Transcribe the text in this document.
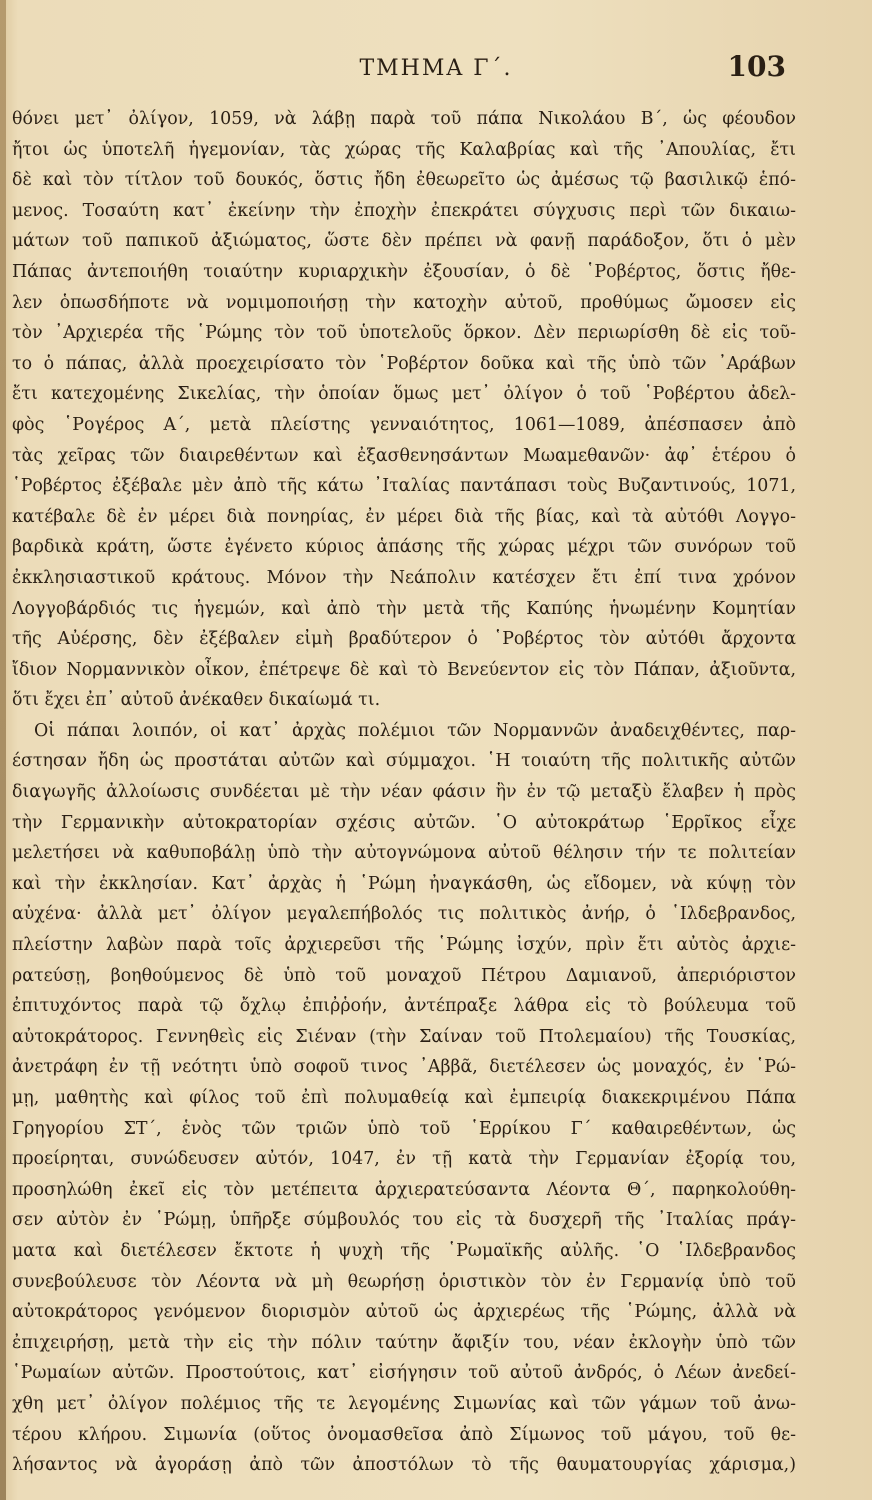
ΤΜΗΜΑ Γ΄.	103
θόνει μετ᾽ ὀλίγον, 1059, νὰ λάβῃ παρὰ τοῦ πάπα Νικολάου Β΄, ὡς φέουδον
ἤτοι ὡς ὑποτελῆ ἡγεμονίαν, τὰς χώρας τῆς Καλαβρίας καὶ τῆς ᾽Απουλίας, ἔτι
δὲ καὶ τὸν τίτλον τοῦ δουκός, ὅστις ἤδη ἐθεωρεῖτο ὡς ἀμέσως τῷ βασιλικῷ ἑπό-
μενος. Τοσαύτη κατ᾽ ἐκείνην τὴν ἐποχὴν ἐπεκράτει σύγχυσις περὶ τῶν δικαιω-
μάτων τοῦ παπικοῦ ἀξιώματος, ὥστε δὲν πρέπει νὰ φανῇ παράδοξον, ὅτι ὁ μὲν
Πάπας ἀντεποιήθη τοιαύτην κυριαρχικὴν ἐξουσίαν, ὁ δὲ ῾Ροβέρτος, ὅστις ἤθε-
λεν ὁπωσδήποτε νὰ νομιμοποιήσῃ τὴν κατοχὴν αὐτοῦ, προθύμως ὤμοσεν εἰς
τὸν ᾽Αρχιερέα τῆς ῾Ρώμης τὸν τοῦ ὑποτελοῦς ὅρκον. Δὲν περιωρίσθη δὲ εἰς τοῦ-
το ὁ πάπας, ἀλλὰ προεχειρίσατο τὸν ῾Ροβέρτον δοῦκα καὶ τῆς ὑπὸ τῶν ᾽Αράβων
ἔτι κατεχομένης Σικελίας, τὴν ὁποίαν ὅμως μετ᾽ ὀλίγον ὁ τοῦ ῾Ροβέρτου ἀδελ-
φὸς ῾Ρογέρος Α΄, μετὰ πλείστης γενναιότητος, 1061—1089, ἀπέσπασεν ἀπὸ
τὰς χεῖρας τῶν διαιρεθέντων καὶ ἐξασθενησάντων Μωαμεθανῶν· ἀφ᾽ ἑτέρου ὁ
῾Ροβέρτος ἐξέβαλε μὲν ἀπὸ τῆς κάτω ᾽Ιταλίας παντάπασι τοὺς Βυζαντινούς, 1071,
κατέβαλε δὲ ἐν μέρει διὰ πονηρίας, ἐν μέρει διὰ τῆς βίας, καὶ τὰ αὐτόθι Λογγο-
βαρδικὰ κράτη, ὥστε ἐγένετο κύριος ἁπάσης τῆς χώρας μέχρι τῶν συνόρων τοῦ
ἐκκλησιαστικοῦ κράτους. Μόνον τὴν Νεάπολιν κατέσχεν ἔτι ἐπί τινα χρόνον
Λογγοβάρδιός τις ἡγεμών, καὶ ἀπὸ τὴν μετὰ τῆς Καπύης ἡνωμένην Κομητίαν
τῆς Αὐέρσης, δὲν ἐξέβαλεν εἰμὴ βραδύτερον ὁ ῾Ροβέρτος τὸν αὐτόθι ἄρχοντα
ἴδιον Νορμαννικὸν οἶκον, ἐπέτρεψε δὲ καὶ τὸ Βενεύεντον εἰς τὸν Πάπαν, ἀξιοῦντα,
ὅτι ἔχει ἐπ᾽ αὐτοῦ ἀνέκαθεν δικαίωμά τι.
Οἱ πάπαι λοιπόν, οἱ κατ᾽ ἀρχὰς πολέμιοι τῶν Νορμαννῶν ἀναδειχθέντες, παρ-
έστησαν ἤδη ὡς προστάται αὐτῶν καὶ σύμμαχοι. ῾Η τοιαύτη τῆς πολιτικῆς αὐτῶν
διαγωγῆς ἀλλοίωσις συνδέεται μὲ τὴν νέαν φάσιν ἣν ἐν τῷ μεταξὺ ἔλαβεν ἡ πρὸς
τὴν Γερμανικὴν αὐτοκρατορίαν σχέσις αὐτῶν. ῾Ο αὐτοκράτωρ ῾Ερρῖκος εἶχε
μελετήσει νὰ καθυποβάλῃ ὑπὸ τὴν αὐτογνώμονα αὐτοῦ θέλησιν τήν τε πολιτείαν
καὶ τὴν ἐκκλησίαν. Κατ᾽ ἀρχὰς ἡ ῾Ρώμη ἠναγκάσθη, ὡς εἴδομεν, νὰ κύψῃ τὸν
αὐχένα· ἀλλὰ μετ᾽ ὀλίγον μεγαλεπήβολός τις πολιτικὸς ἀνήρ, ὁ ῾Ιλδεβρανδος,
πλείστην λαβὼν παρὰ τοῖς ἀρχιερεῦσι τῆς ῾Ρώμης ἰσχύν, πρὶν ἔτι αὐτὸς ἀρχιε-
ρατεύσῃ, βοηθούμενος δὲ ὑπὸ τοῦ μοναχοῦ Πέτρου Δαμιανοῦ, ἀπεριόριστον
ἐπιτυχόντος παρὰ τῷ ὄχλῳ ἐπιῤῥοήν, ἀντέπραξε λάθρα εἰς τὸ βούλευμα τοῦ
αὐτοκράτορος. Γεννηθεὶς εἰς Σιέναν (τὴν Σαίναν τοῦ Πτολεμαίου) τῆς Τουσκίας,
ἀνετράφη ἐν τῇ νεότητι ὑπὸ σοφοῦ τινος ᾽Αββᾶ, διετέλεσεν ὡς μοναχός, ἐν ῾Ρώ-
μῃ, μαθητὴς καὶ φίλος τοῦ ἐπὶ πολυμαθείᾳ καὶ ἐμπειρίᾳ διακεκριμένου Πάπα
Γρηγορίου ΣΤ΄, ἑνὸς τῶν τριῶν ὑπὸ τοῦ ῾Ερρίκου Γ΄ καθαιρεθέντων, ὡς
προείρηται, συνώδευσεν αὐτόν, 1047, ἐν τῇ κατὰ τὴν Γερμανίαν ἐξορίᾳ του,
προσηλώθη ἐκεῖ εἰς τὸν μετέπειτα ἀρχιερατεύσαντα Λέοντα Θ΄, παρηκολούθη-
σεν αὐτὸν ἐν ῾Ρώμῃ, ὑπῆρξε σύμβουλός του εἰς τὰ δυσχερῆ τῆς ᾽Ιταλίας πράγ-
ματα καὶ διετέλεσεν ἔκτοτε ἡ ψυχὴ τῆς ῾Ρωμαϊκῆς αὐλῆς. ῾Ο ῾Ιλδεβρανδος
συνεβούλευσε τὸν Λέοντα νὰ μὴ θεωρήσῃ ὁριστικὸν τὸν ἐν Γερμανίᾳ ὑπὸ τοῦ
αὐτοκράτορος γενόμενον διορισμὸν αὐτοῦ ὡς ἀρχιερέως τῆς ῾Ρώμης, ἀλλὰ νὰ
ἐπιχειρήσῃ, μετὰ τὴν εἰς τὴν πόλιν ταύτην ἄφιξίν του, νέαν ἐκλογὴν ὑπὸ τῶν
῾Ρωμαίων αὐτῶν. Προστούτοις, κατ᾽ εἰσήγησιν τοῦ αὐτοῦ ἀνδρός, ὁ Λέων ἀνεδεί-
χθη μετ᾽ ὀλίγον πολέμιος τῆς τε λεγομένης Σιμωνίας καὶ τῶν γάμων τοῦ ἀνω-
τέρου κλήρου. Σιμωνία (οὕτος ὀνομασθεῖσα ἀπὸ Σίμωνος τοῦ μάγου, τοῦ θε-
λήσαντος νὰ ἀγοράσῃ ἀπὸ τῶν ἀποστόλων τὸ τῆς θαυματουργίας χάρισμα,)
